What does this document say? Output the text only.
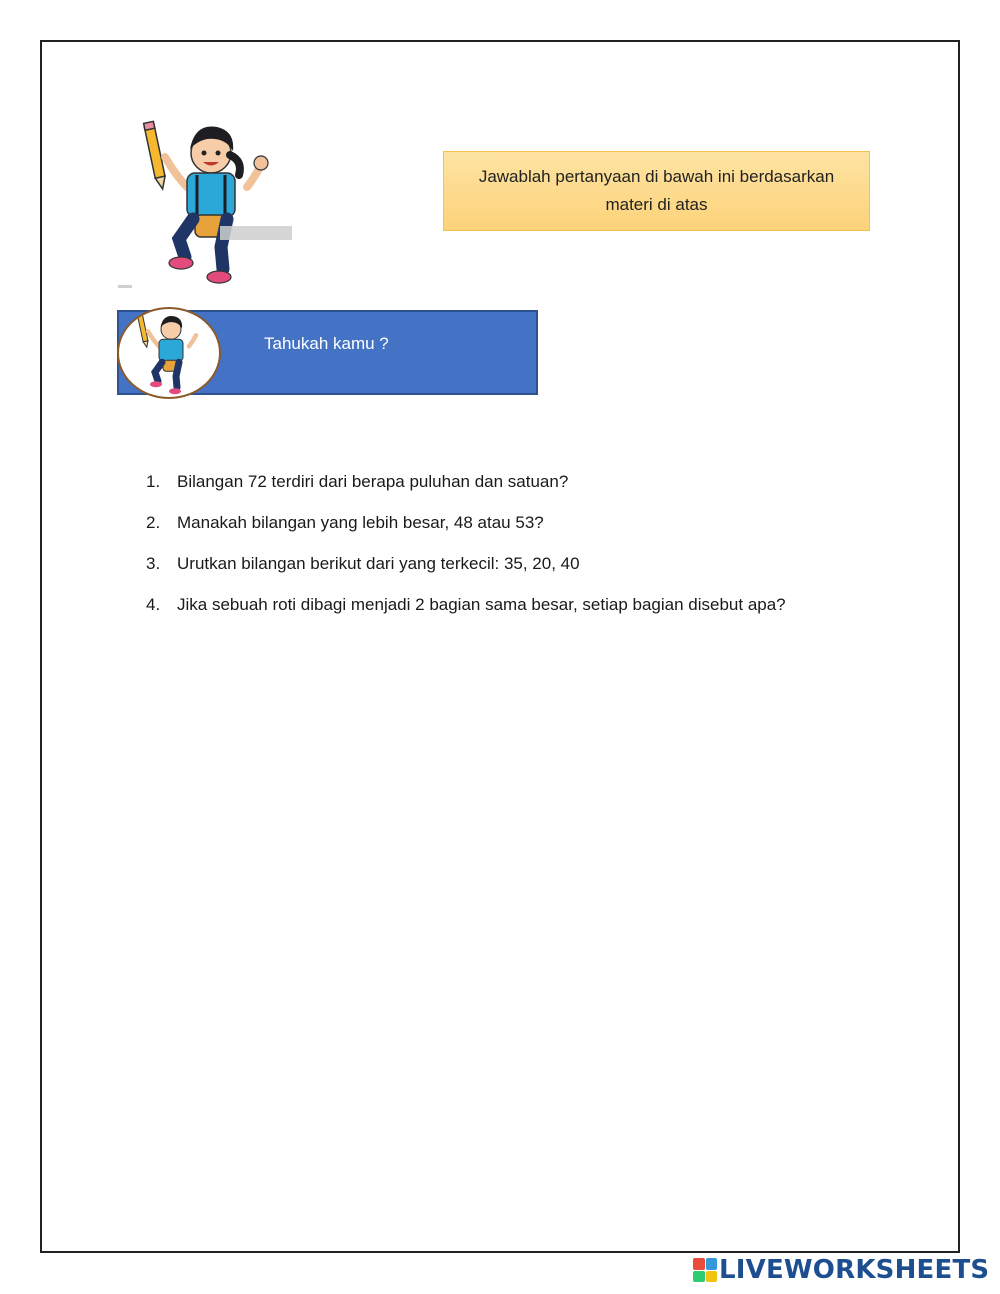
Jawablah pertanyaan di bawah ini berdasarkan materi di atas
Tahukah kamu ?
1. Bilangan 72 terdiri dari berapa puluhan dan satuan?
2. Manakah bilangan yang lebih besar, 48 atau 53?
3. Urutkan bilangan berikut dari yang terkecil: 35, 20, 40
4. Jika sebuah roti dibagi menjadi 2 bagian sama besar, setiap bagian disebut apa?
LIVEWORKSHEETS
